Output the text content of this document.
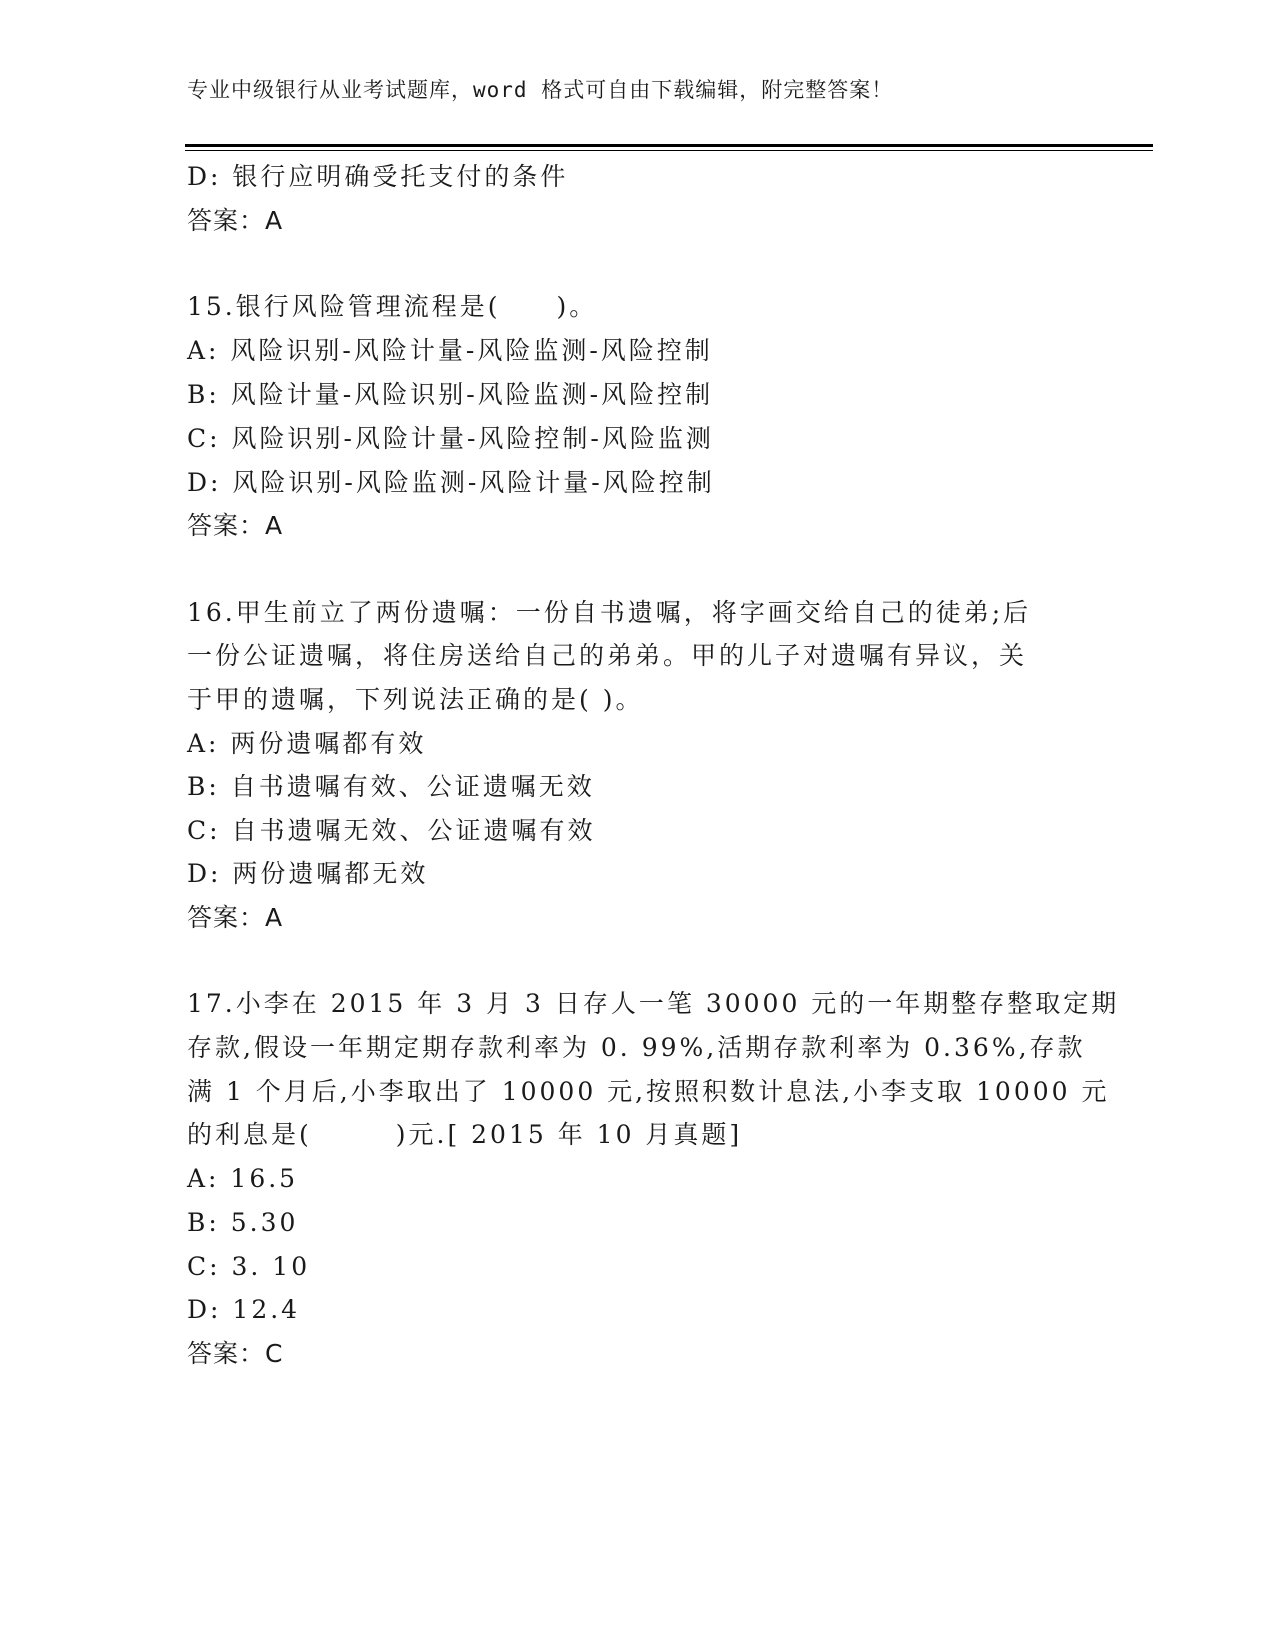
专业中级银行从业考试题库，word 格式可自由下载编辑，附完整答案！
D: 银行应明确受托支付的条件
答案：A
15.银行风险管理流程是(　　)。
A: 风险识别-风险计量-风险监测-风险控制
B: 风险计量-风险识别-风险监测-风险控制
C: 风险识别-风险计量-风险控制-风险监测
D: 风险识别-风险监测-风险计量-风险控制
答案：A
16.甲生前立了两份遗嘱：一份自书遗嘱，将字画交给自己的徒弟;后
一份公证遗嘱，将住房送给自己的弟弟。甲的儿子对遗嘱有异议，关
于甲的遗嘱，下列说法正确的是( )。
A: 两份遗嘱都有效
B: 自书遗嘱有效、公证遗嘱无效
C: 自书遗嘱无效、公证遗嘱有效
D: 两份遗嘱都无效
答案：A
17.小李在 2015 年 3 月 3 日存人一笔 30000 元的一年期整存整取定期
存款,假设一年期定期存款利率为 0. 99%,活期存款利率为 0.36%,存款
满 1 个月后,小李取出了 10000 元,按照积数计息法,小李支取 10000 元
的利息是(　　　)元.[ 2015 年 10 月真题]
A: 16.5
B: 5.30
C: 3. 10
D: 12.4
答案：C
